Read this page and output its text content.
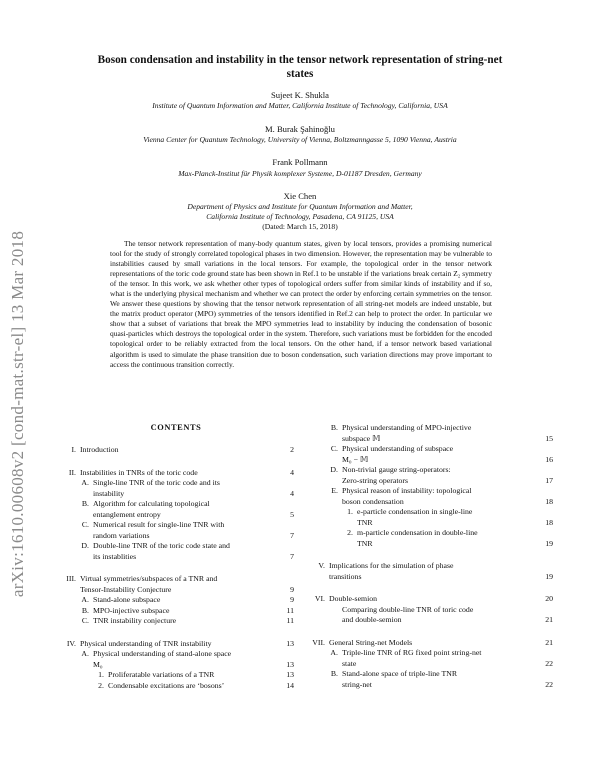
arXiv:1610.00608v2 [cond-mat.str-el] 13 Mar 2018
Boson condensation and instability in the tensor network representation of string-net
states
Sujeet K. Shukla
Institute of Quantum Information and Matter, California Institute of Technology, California, USA
M. Burak Şahinoğlu
Vienna Center for Quantum Technology, University of Vienna, Boltzmanngasse 5, 1090 Vienna, Austria
Frank Pollmann
Max-Planck-Institut für Physik komplexer Systeme, D-01187 Dresden, Germany
Xie Chen
Department of Physics and Institute for Quantum Information and Matter,
California Institute of Technology, Pasadena, CA 91125, USA
(Dated: March 15, 2018)
The tensor network representation of many-body quantum states, given by local tensors, provides a promising numerical tool for the study of strongly correlated topological phases in two dimension. However, the representation may be vulnerable to instabilities caused by small variations in the local tensors. For example, the topological order in the tensor network representations of the toric code ground state has been shown in Ref.1 to be unstable if the variations break certain Z₂ symmetry of the tensor. In this work, we ask whether other types of topological orders suffer from similar kinds of instability and if so, what is the underlying physical mechanism and whether we can protect the order by enforcing certain symmetries on the tensor. We answer these questions by showing that the tensor network representation of all string-net models are indeed unstable, but the matrix product operator (MPO) symmetries of the tensors identified in Ref.2 can help to protect the order. In particular we show that a subset of variations that break the MPO symmetries lead to instability by inducing the condensation of bosonic quasi-particles which destroys the topological order in the system. Therefore, such variations must be forbidden for the encoded topological order to be reliably extracted from the local tensors. On the other hand, if a tensor network based variational algorithm is used to simulate the phase transition due to boson condensation, such variation directions may prove important to access the continuous transition correctly.
CONTENTS
I. Introduction	2
II. Instabilities in TNRs of the toric code	4
A. Single-line TNR of the toric code and its
instability	4
B. Algorithm for calculating topological
entanglement entropy	5
C. Numerical result for single-line TNR with
random variations	7
D. Double-line TNR of the toric code state and
its instablities	7
III. Virtual symmetries/subspaces of a TNR and
Tensor-Instability Conjecture	9
A. Stand-alone subspace	9
B. MPO-injective subspace	11
C. TNR instability conjecture	11
IV. Physical understanding of TNR instability	13
A. Physical understanding of stand-alone space
M₀	13
1. Proliferatable variations of a TNR	13
2. Condensable excitations are ‘bosons’	14
B. Physical understanding of MPO-injective
subspace 𝕄	15
C. Physical understanding of subspace
M₀ − 𝕄	16
D. Non-trivial gauge string-operators:
Zero-string operators	17
E. Physical reason of instability: topological
boson condensation	18
1. e-particle condensation in single-line
TNR	18
2. m-particle condensation in double-line
TNR	19
V. Implications for the simulation of phase
transitions	19
VI. Double-semion	20
Comparing double-line TNR of toric code
and double-semion	21
VII. General String-net Models	21
A. Triple-line TNR of RG fixed point string-net
state	22
B. Stand-alone space of triple-line TNR
string-net	22
